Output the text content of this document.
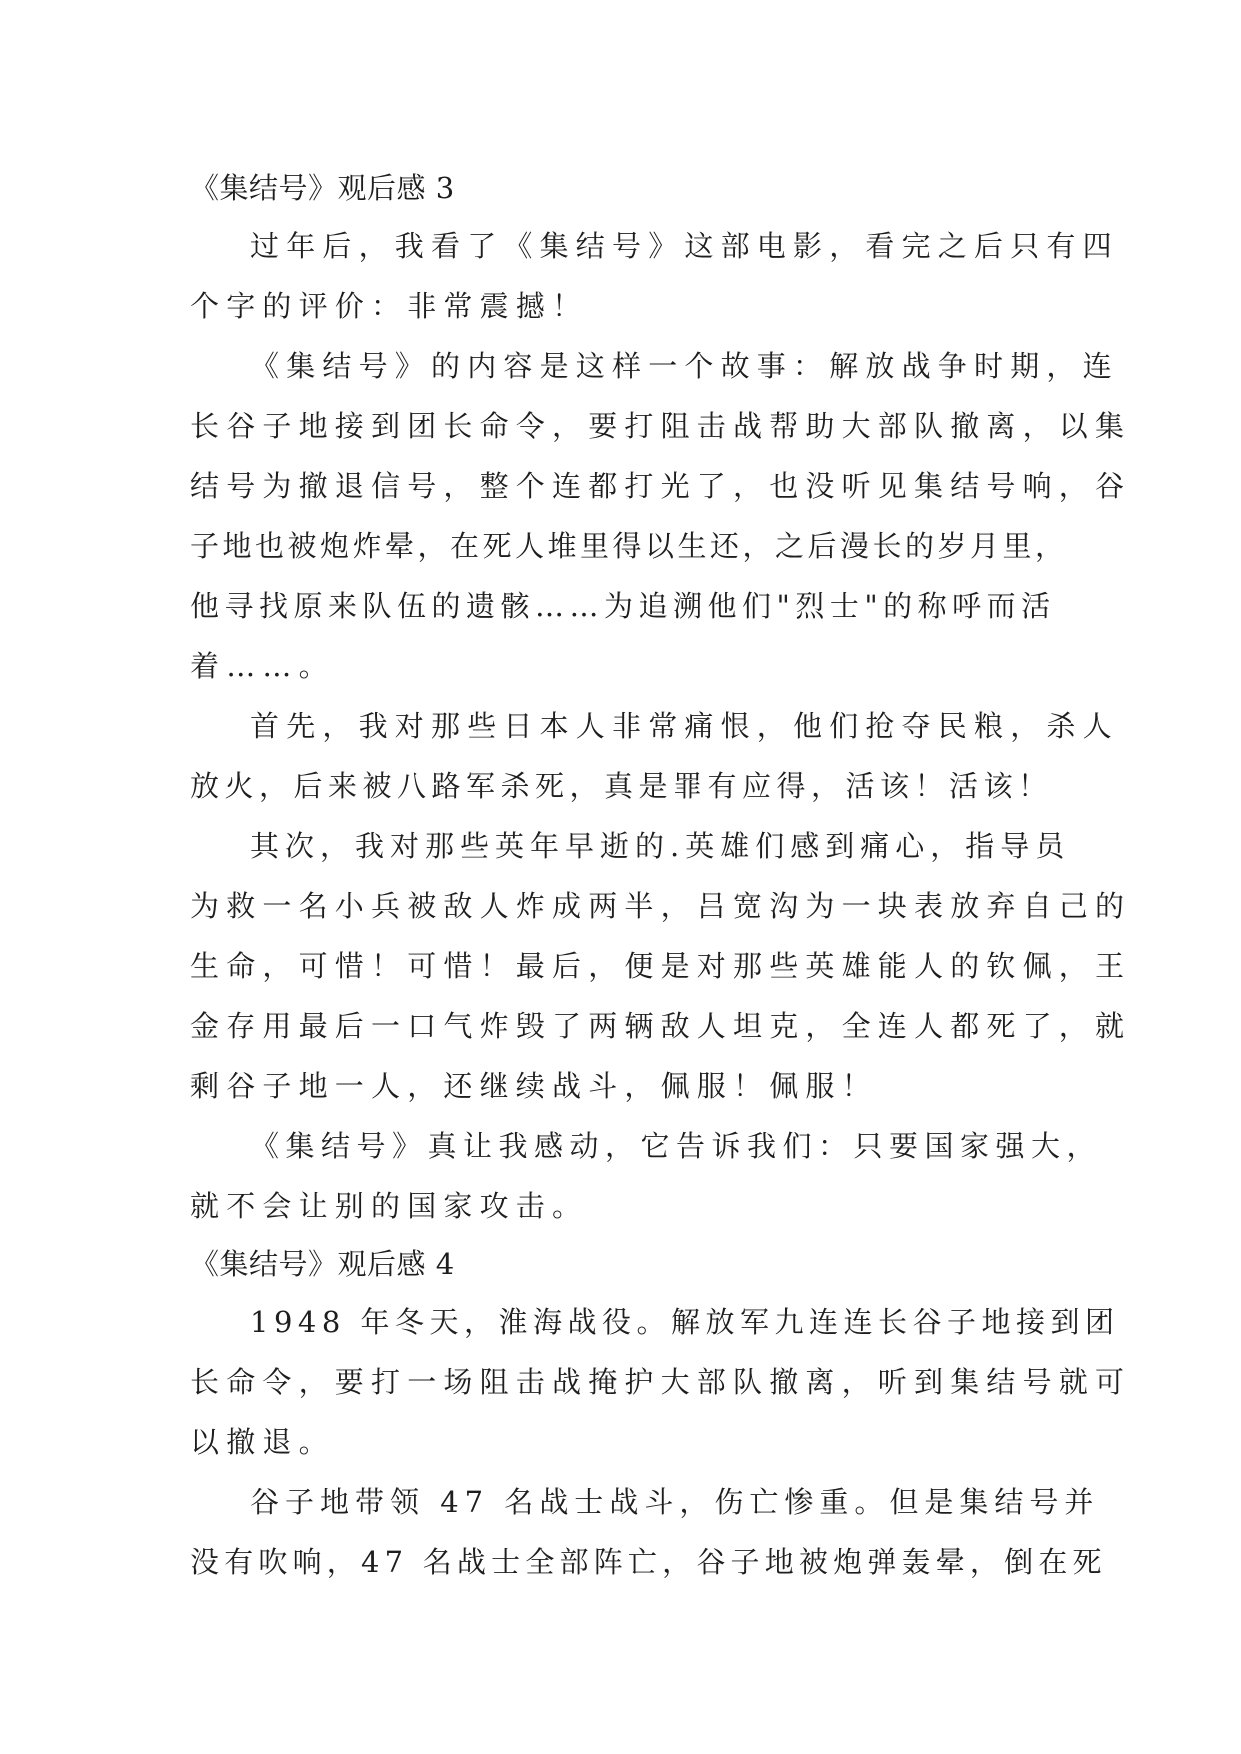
《集结号》观后感 3
过年后，我看了《集结号》这部电影，看完之后只有四
个字的评价：非常震撼！
《集结号》的内容是这样一个故事：解放战争时期，连
长谷子地接到团长命令，要打阻击战帮助大部队撤离，以集
结号为撤退信号，整个连都打光了，也没听见集结号响，谷
子地也被炮炸晕，在死人堆里得以生还，之后漫长的岁月里，
他寻找原来队伍的遗骸……为追溯他们"烈士"的称呼而活
着……。
首先，我对那些日本人非常痛恨，他们抢夺民粮，杀人
放火，后来被八路军杀死，真是罪有应得，活该！活该！
其次，我对那些英年早逝的.英雄们感到痛心，指导员
为救一名小兵被敌人炸成两半，吕宽沟为一块表放弃自己的
生命，可惜！可惜！最后，便是对那些英雄能人的钦佩，王
金存用最后一口气炸毁了两辆敌人坦克，全连人都死了，就
剩谷子地一人，还继续战斗，佩服！佩服！
《集结号》真让我感动，它告诉我们：只要国家强大，
就不会让别的国家攻击。
《集结号》观后感 4
1948 年冬天，淮海战役。解放军九连连长谷子地接到团
长命令，要打一场阻击战掩护大部队撤离，听到集结号就可
以撤退。
谷子地带领 47 名战士战斗，伤亡惨重。但是集结号并
没有吹响，47 名战士全部阵亡，谷子地被炮弹轰晕，倒在死
